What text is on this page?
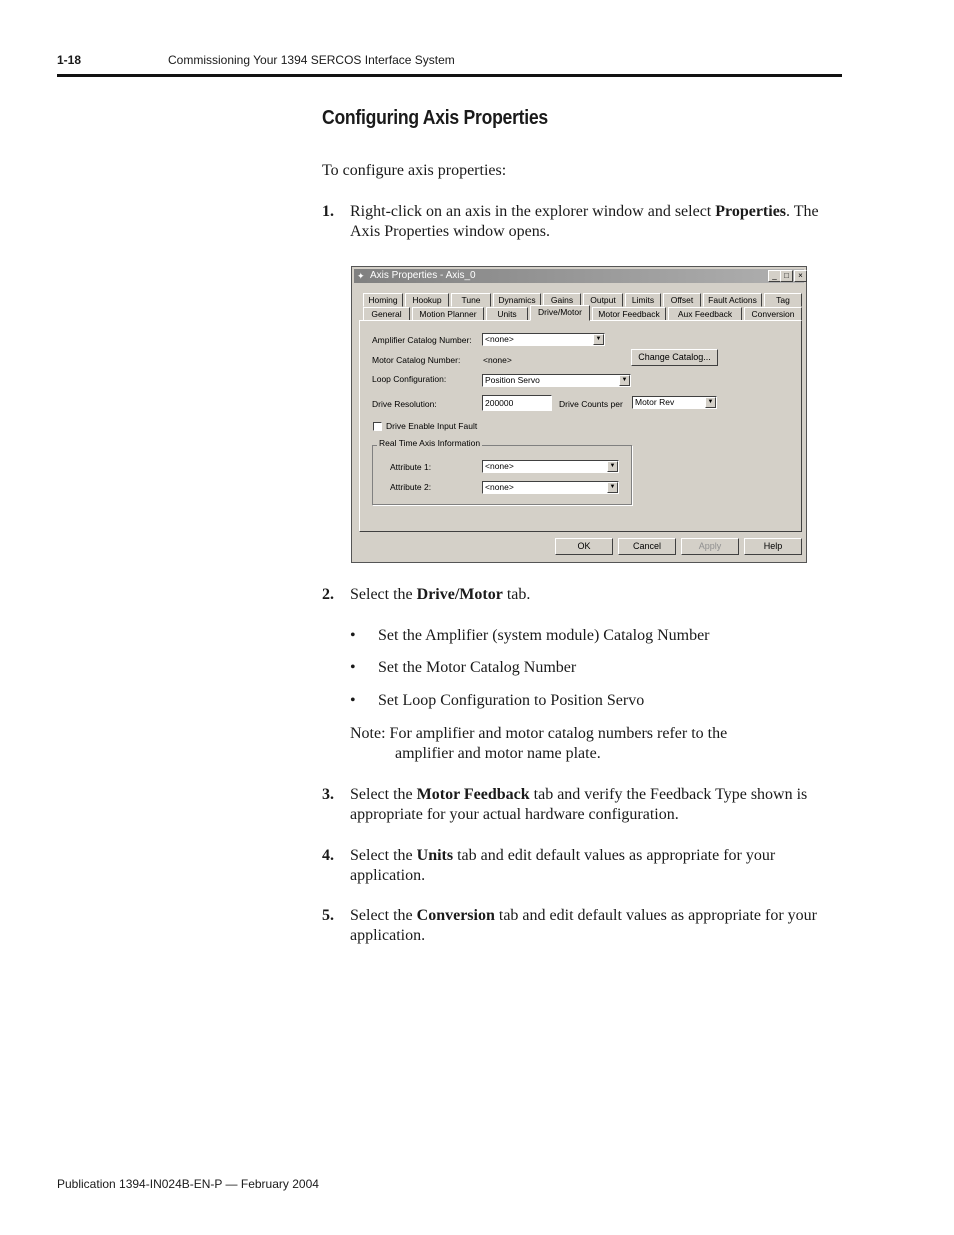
1-18	Commissioning Your 1394 SERCOS Interface System
Configuring Axis Properties
To configure axis properties:
1. Right-click on an axis in the explorer window and select Properties. The Axis Properties window opens.
✦ Axis Properties - Axis_0	_ □	×
Homing	Hookup	Tune	Dynamics	Gains	Output	Limits	Offset	Fault Actions	Tag
General	Motion Planner	Units	Drive/Motor	Motor Feedback	Aux Feedback	Conversion
Amplifier Catalog Number:	<none>	▼
Motor Catalog Number:	<none>	Change Catalog...
Loop Configuration:	Position Servo	▼
Drive Resolution:	200000	Drive Counts per	Motor Rev	▼
Drive Enable Input Fault
Real Time Axis Information
Attribute 1:	<none>	▼
Attribute 2:	<none>	▼
OK	Cancel	Apply	Help
2. Select the Drive/Motor tab.
• Set the Amplifier (system module) Catalog Number
• Set the Motor Catalog Number
• Set Loop Configuration to Position Servo
Note: For amplifier and motor catalog numbers refer to the
amplifier and motor name plate.
3. Select the Motor Feedback tab and verify the Feedback Type shown is appropriate for your actual hardware configuration.
4. Select the Units tab and edit default values as appropriate for your application.
5. Select the Conversion tab and edit default values as appropriate for your application.
Publication 1394-IN024B-EN-P — February 2004
